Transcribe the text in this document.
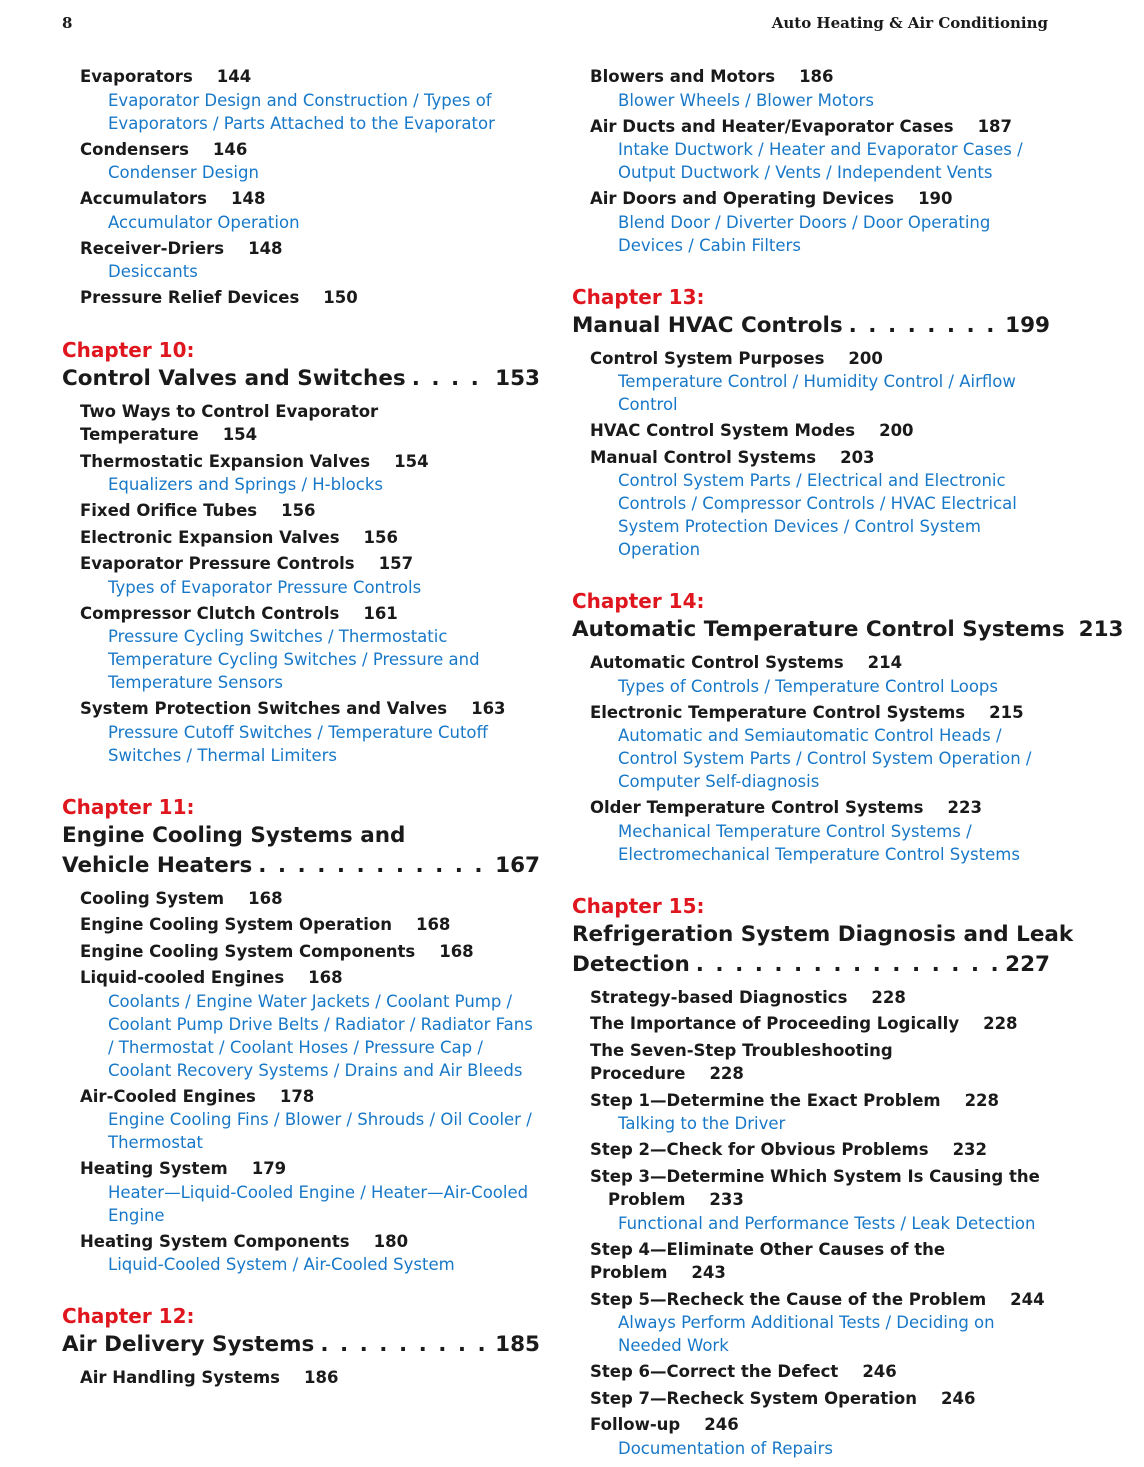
8	Auto Heating & Air Conditioning
Evaporators 144
Evaporator Design and Construction / Types of Evaporators / Parts Attached to the Evaporator
Condensers 146
Condenser Design
Accumulators 148
Accumulator Operation
Receiver-Driers 148
Desiccants
Pressure Relief Devices 150
Chapter 10:
Control Valves and Switches . . .	153
Two Ways to Control Evaporator Temperature 154
Thermostatic Expansion Valves 154
Equalizers and Springs / H-blocks
Fixed Orifice Tubes 156
Electronic Expansion Valves 156
Evaporator Pressure Controls 157
Types of Evaporator Pressure Controls
Compressor Clutch Controls 161
Pressure Cycling Switches / Thermostatic Temperature Cycling Switches / Pressure and Temperature Sensors
System Protection Switches and Valves 163
Pressure Cutoff Switches / Temperature Cutoff Switches / Thermal Limiters
Chapter 11:
Engine Cooling Systems and
Vehicle Heaters . . .	167
Cooling System 168
Engine Cooling System Operation 168
Engine Cooling System Components 168
Liquid-cooled Engines 168
Coolants / Engine Water Jackets / Coolant Pump / Coolant Pump Drive Belts / Radiator / Radiator Fans / Thermostat / Coolant Hoses / Pressure Cap / Coolant Recovery Systems / Drains and Air Bleeds
Air-Cooled Engines 178
Engine Cooling Fins / Blower / Shrouds / Oil Cooler / Thermostat
Heating System 179
Heater—Liquid-Cooled Engine / Heater—Air-Cooled Engine
Heating System Components 180
Liquid-Cooled System / Air-Cooled System
Chapter 12:
Air Delivery Systems . . .	185
Air Handling Systems 186
Blowers and Motors 186
Blower Wheels / Blower Motors
Air Ducts and Heater/Evaporator Cases 187
Intake Ductwork / Heater and Evaporator Cases / Output Ductwork / Vents / Independent Vents
Air Doors and Operating Devices 190
Blend Door / Diverter Doors / Door Operating Devices / Cabin Filters
Chapter 13:
Manual HVAC Controls . . .	199
Control System Purposes 200
Temperature Control / Humidity Control / Airflow Control
HVAC Control System Modes 200
Manual Control Systems 203
Control System Parts / Electrical and Electronic Controls / Compressor Controls / HVAC Electrical System Protection Devices / Control System Operation
Chapter 14:
Automatic Temperature Control Systems 213
Automatic Control Systems 214
Types of Controls / Temperature Control Loops
Electronic Temperature Control Systems 215
Automatic and Semiautomatic Control Heads / Control System Parts / Control System Operation / Computer Self-diagnosis
Older Temperature Control Systems 223
Mechanical Temperature Control Systems / Electromechanical Temperature Control Systems
Chapter 15:
Refrigeration System Diagnosis and Leak
Detection . . .	227
Strategy-based Diagnostics 228
The Importance of Proceeding Logically 228
The Seven-Step Troubleshooting Procedure 228
Step 1—Determine the Exact Problem 228
Talking to the Driver
Step 2—Check for Obvious Problems 232
Step 3—Determine Which System Is Causing the Problem 233
Functional and Performance Tests / Leak Detection
Step 4—Eliminate Other Causes of the Problem 243
Step 5—Recheck the Cause of the Problem 244
Always Perform Additional Tests / Deciding on Needed Work
Step 6—Correct the Defect 246
Step 7—Recheck System Operation 246
Follow-up 246
Documentation of Repairs
